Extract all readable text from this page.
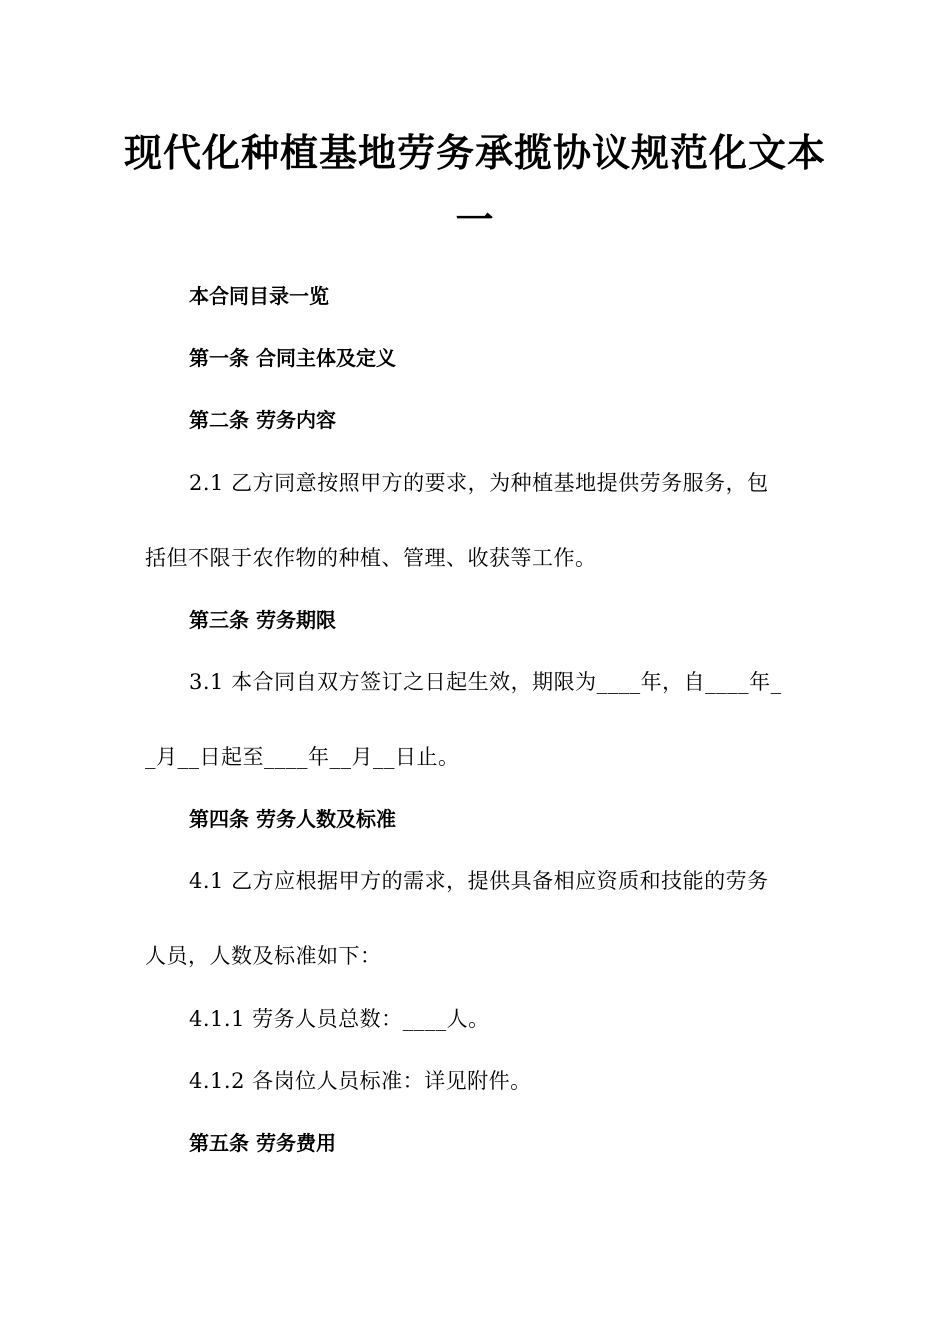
现代化种植基地劳务承揽协议规范化文本
一
本合同目录一览
第一条 合同主体及定义
第二条 劳务内容
2.1 乙方同意按照甲方的要求，为种植基地提供劳务服务，包
括但不限于农作物的种植、管理、收获等工作。
第三条 劳务期限
3.1 本合同自双方签订之日起生效，期限为____年，自____年_
_月__日起至____年__月__日止。
第四条 劳务人数及标准
4.1 乙方应根据甲方的需求，提供具备相应资质和技能的劳务
人员，人数及标准如下：
4.1.1 劳务人员总数：____人。
4.1.2 各岗位人员标准：详见附件。
第五条 劳务费用
